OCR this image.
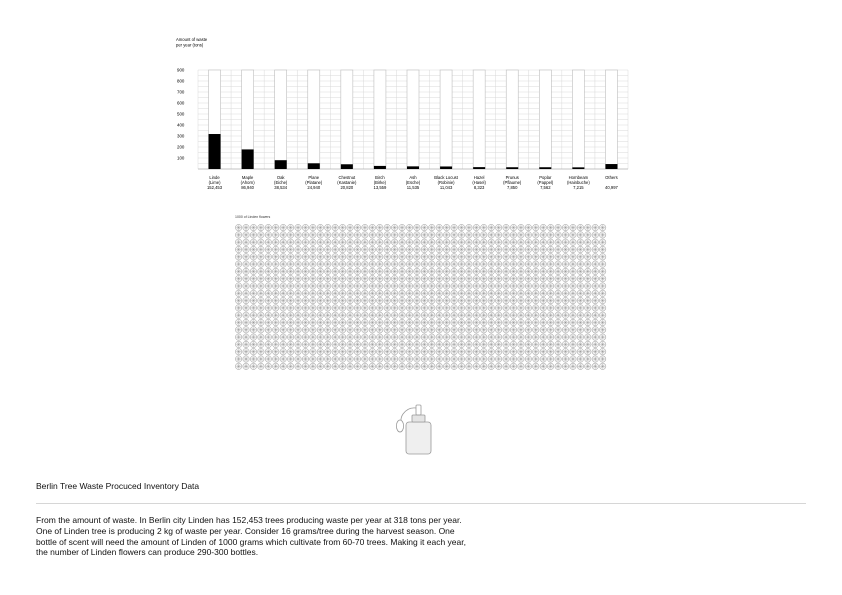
Amount of waste
per year (tons)
100
200
300
400
500
600
700
800
900
Linde
(Lime)
152,453
Maple
(Ahorn)
86,940
Oak
(Eiche)
38,534
Plane
(Platane)
24,940
Chestnut
(Kastanie)
20,820
Birch
(Birke)
13,559
Ash
(Esche)
11,535
Black Locust
(Robinie)
11,043
Hazel
(Hasel)
8,323
Prunus
(Pflaume)
7,850
Poplar
(Pappel)
7,562
Hornbeam
(Hainbuche)
7,215
Others
40,997
1000 of Linden flowers
Berlin Tree Waste Procuced Inventory Data

From the amount of waste. In Berlin city Linden has 152,453 trees producing waste per year at 318 tons per year. One of Linden tree is producing 2 kg of waste per year. Consider 16 grams/tree during the harvest season. One bottle of scent will need the amount of Linden of 1000 grams which cultivate from 60-70 trees. Making it each year, the number of Linden flowers can produce 290-300 bottles.
